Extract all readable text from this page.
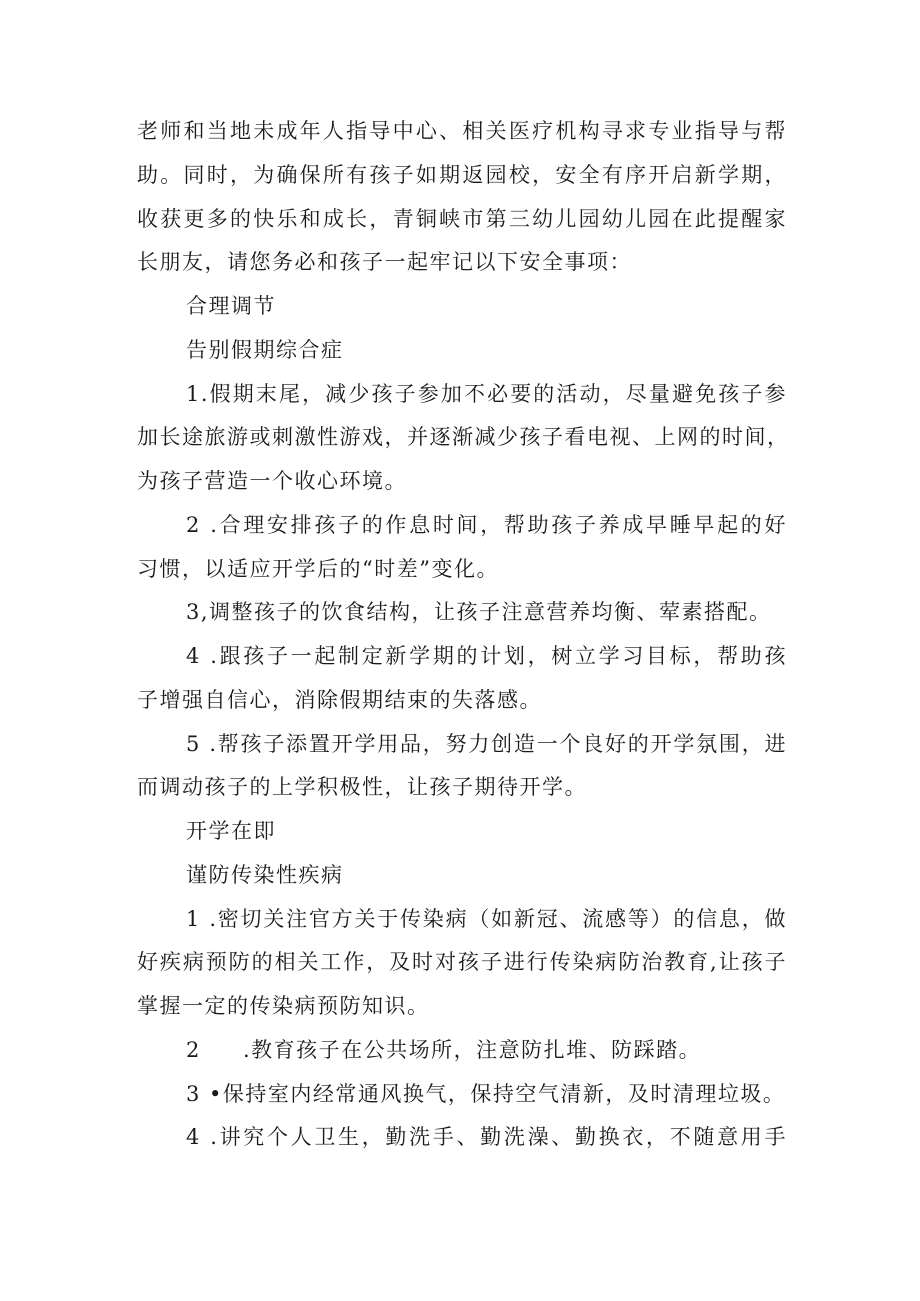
老师和当地未成年人指导中心、相关医疗机构寻求专业指导与帮
助。同时，为确保所有孩子如期返园校，安全有序开启新学期，
收获更多的快乐和成长，青铜峡市第三幼儿园幼儿园在此提醒家
长朋友，请您务必和孩子一起牢记以下安全事项：
合理调节
告别假期综合症
1.假期末尾，减少孩子参加不必要的活动，尽量避免孩子参
加长途旅游或刺激性游戏，并逐渐减少孩子看电视、上网的时间，
为孩子营造一个收心环境。
2 .合理安排孩子的作息时间，帮助孩子养成早睡早起的好
习惯，以适应开学后的“时差”变化。
3,调整孩子的饮食结构，让孩子注意营养均衡、荤素搭配。
4 .跟孩子一起制定新学期的计划，树立学习目标，帮助孩
子增强自信心，消除假期结束的失落感。
5 .帮孩子添置开学用品，努力创造一个良好的开学氛围，进
而调动孩子的上学积极性，让孩子期待开学。
开学在即
谨防传染性疾病
1 .密切关注官方关于传染病（如新冠、流感等）的信息，做
好疾病预防的相关工作，及时对孩子进行传染病防治教育,让孩子
掌握一定的传染病预防知识。
2 .教育孩子在公共场所，注意防扎堆、防踩踏。
3 •保持室内经常通风换气，保持空气清新，及时清理垃圾。
4 .讲究个人卫生，勤洗手、勤洗澡、勤换衣，不随意用手
